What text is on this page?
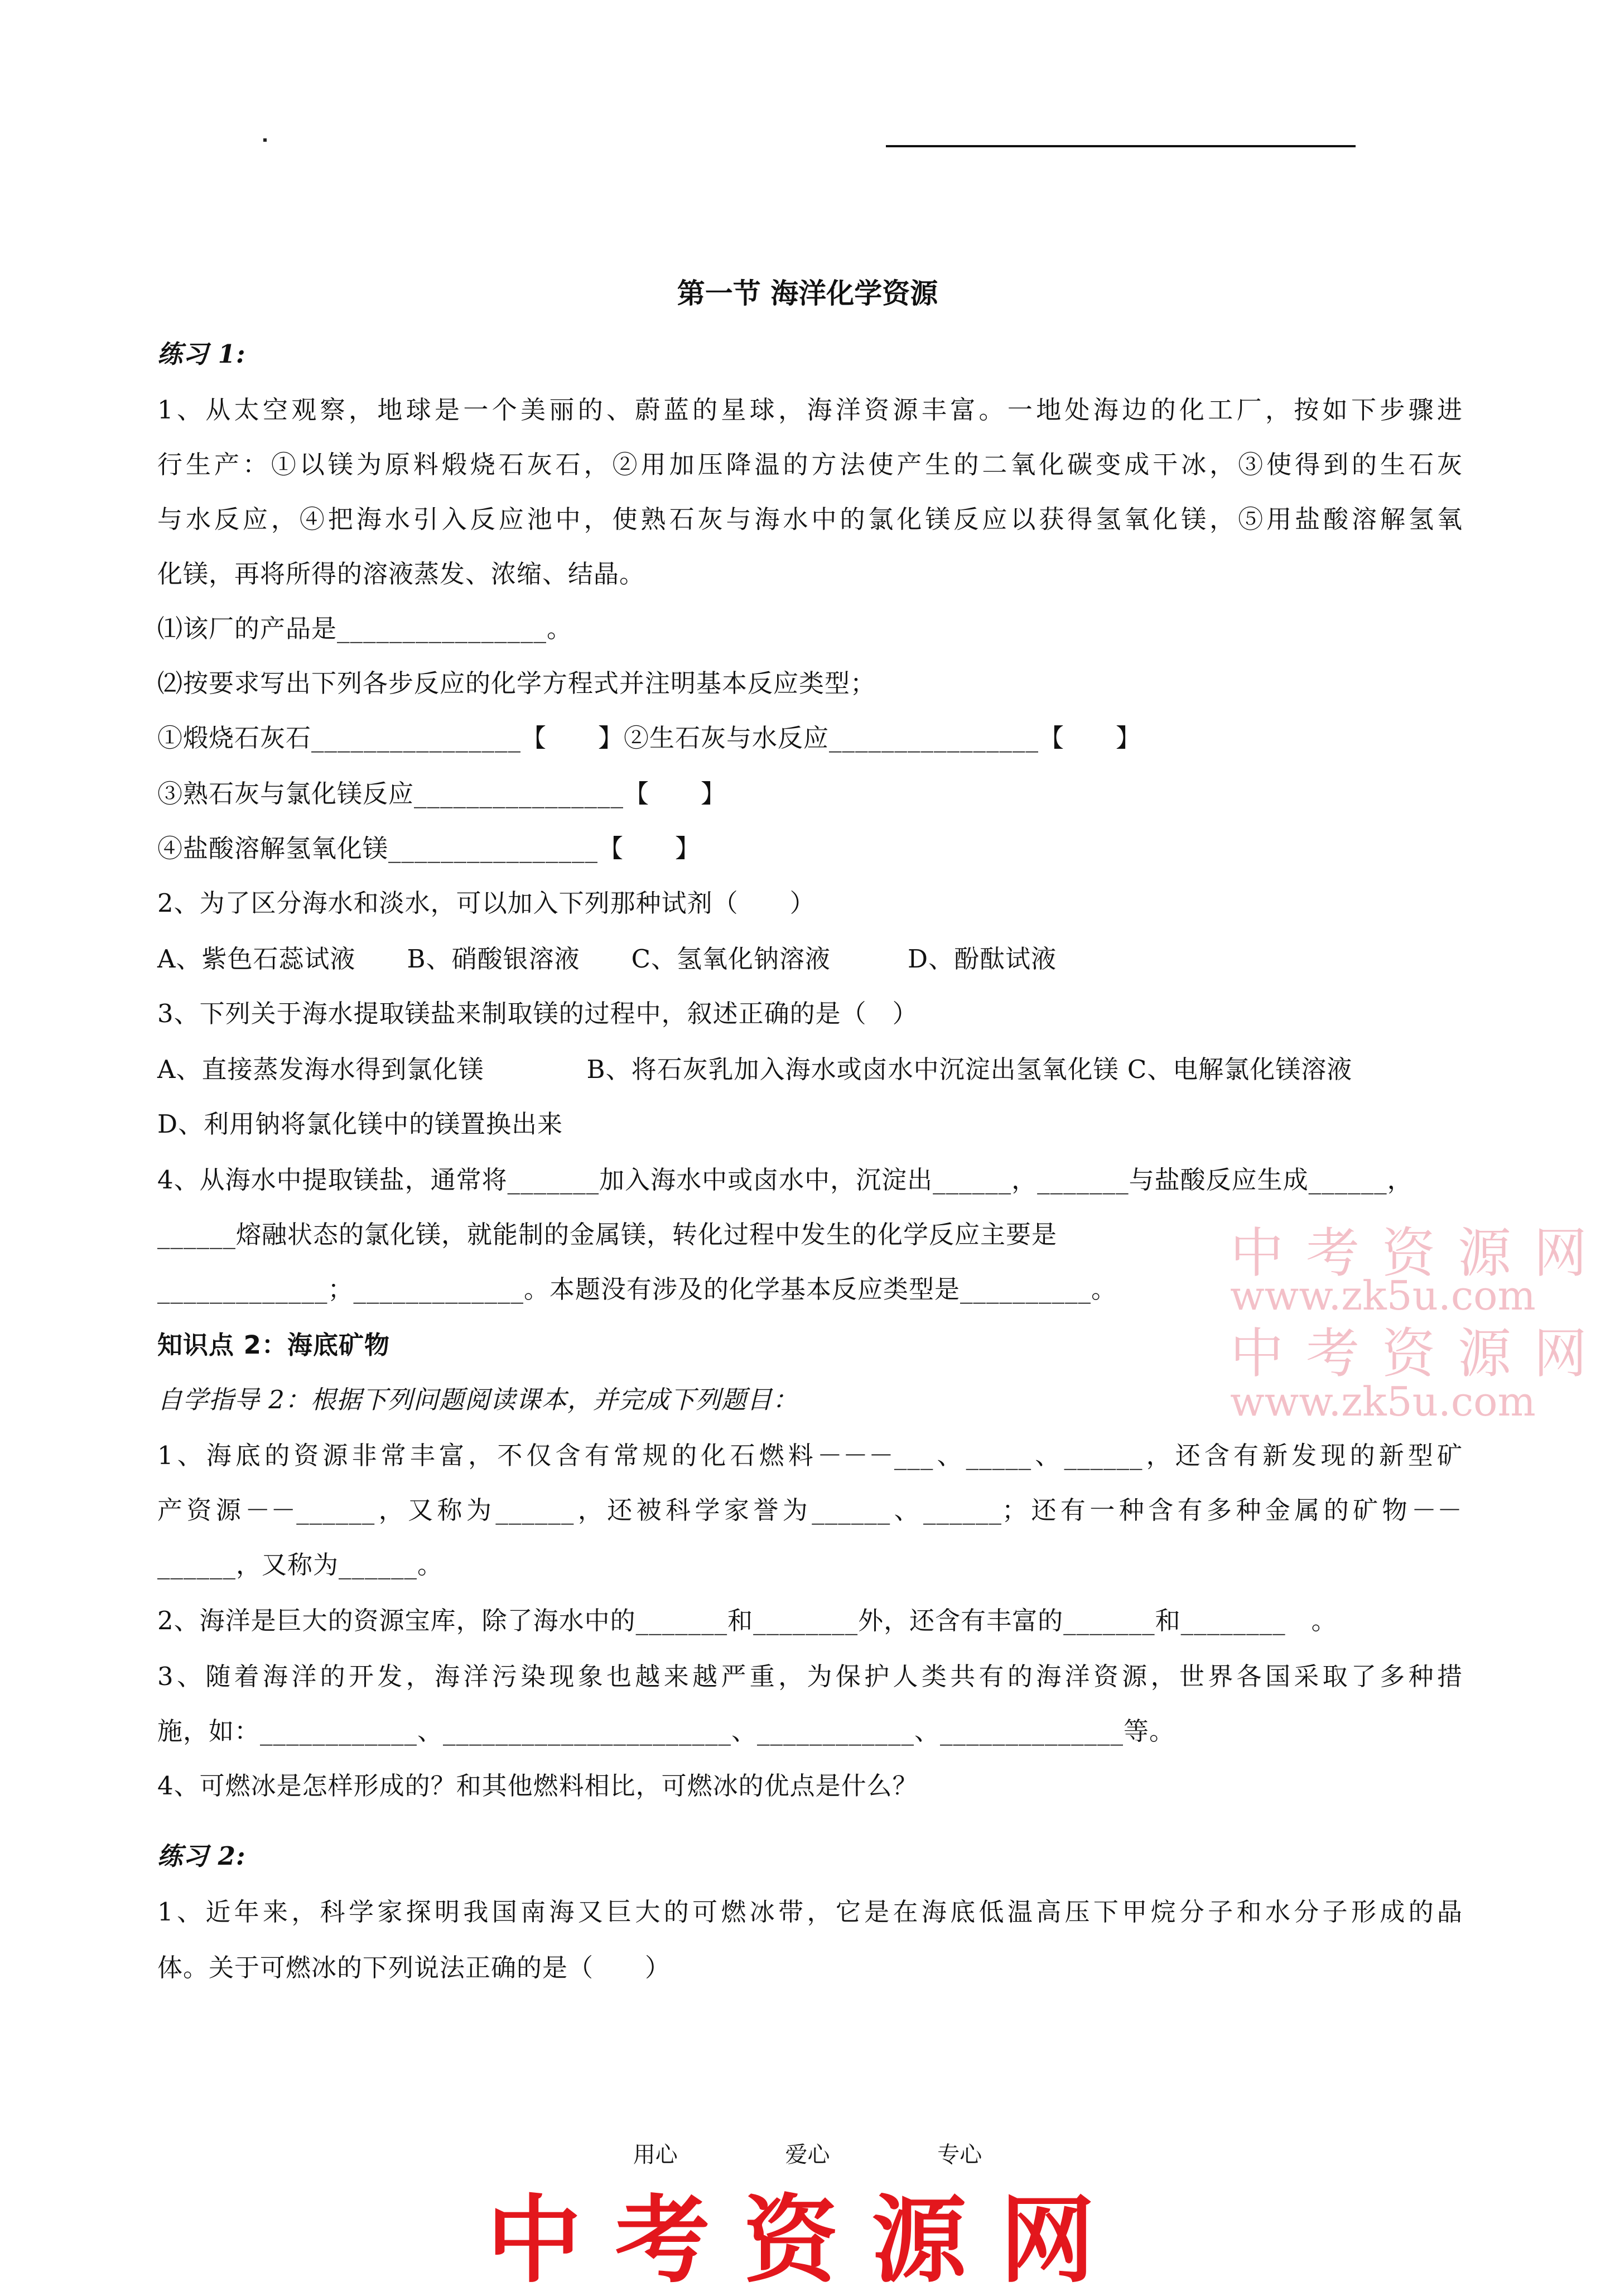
第一节 海洋化学资源
练习 1:
1、从太空观察，地球是一个美丽的、蔚蓝的星球，海洋资源丰富。一地处海边的化工厂，按如下步骤进
行生产：①以镁为原料煅烧石灰石，②用加压降温的方法使产生的二氧化碳变成干冰，③使得到的生石灰
与水反应，④把海水引入反应池中，使熟石灰与海水中的氯化镁反应以获得氢氧化镁，⑤用盐酸溶解氢氧
化镁，再将所得的溶液蒸发、浓缩、结晶。
⑴该厂的产品是________________。
⑵按要求写出下列各步反应的化学方程式并注明基本反应类型；
①煅烧石灰石________________【　　】②生石灰与水反应________________【　　】
③熟石灰与氯化镁反应________________【　　】
④盐酸溶解氢氧化镁________________【　　】
2、为了区分海水和淡水，可以加入下列那种试剂（　　）
A、紫色石蕊试液　　B、硝酸银溶液　　C、氢氧化钠溶液　　　D、酚酞试液
3、下列关于海水提取镁盐来制取镁的过程中，叙述正确的是（　）
A、直接蒸发海水得到氯化镁　　　　B、将石灰乳加入海水或卤水中沉淀出氢氧化镁 C、电解氯化镁溶液
D、利用钠将氯化镁中的镁置换出来
4、从海水中提取镁盐，通常将_______加入海水中或卤水中，沉淀出______，_______与盐酸反应生成______，
______熔融状态的氯化镁，就能制的金属镁，转化过程中发生的化学反应主要是
_____________；_____________。本题没有涉及的化学基本反应类型是__________。
知识点 2：海底矿物
自学指导 2：根据下列问题阅读课本，并完成下列题目：
1、海底的资源非常丰富，不仅含有常规的化石燃料－－－___、_____、______，还含有新发现的新型矿
产资源－－______，又称为______，还被科学家誉为______、______；还有一种含有多种金属的矿物－－
______，又称为______。
2、海洋是巨大的资源宝库，除了海水中的_______和________外，还含有丰富的_______和________　。
3、随着海洋的开发，海洋污染现象也越来越严重，为保护人类共有的海洋资源，世界各国采取了多种措
施，如：____________、______________________、____________、______________等。
4、可燃冰是怎样形成的？和其他燃料相比，可燃冰的优点是什么？
练习 2:
1、近年来，科学家探明我国南海又巨大的可燃冰带，它是在海底低温高压下甲烷分子和水分子形成的晶
体。关于可燃冰的下列说法正确的是（　　）
中考资源网
www.zk5u.com
中考资源网
www.zk5u.com
用心	爱心	专心
中考资源网
